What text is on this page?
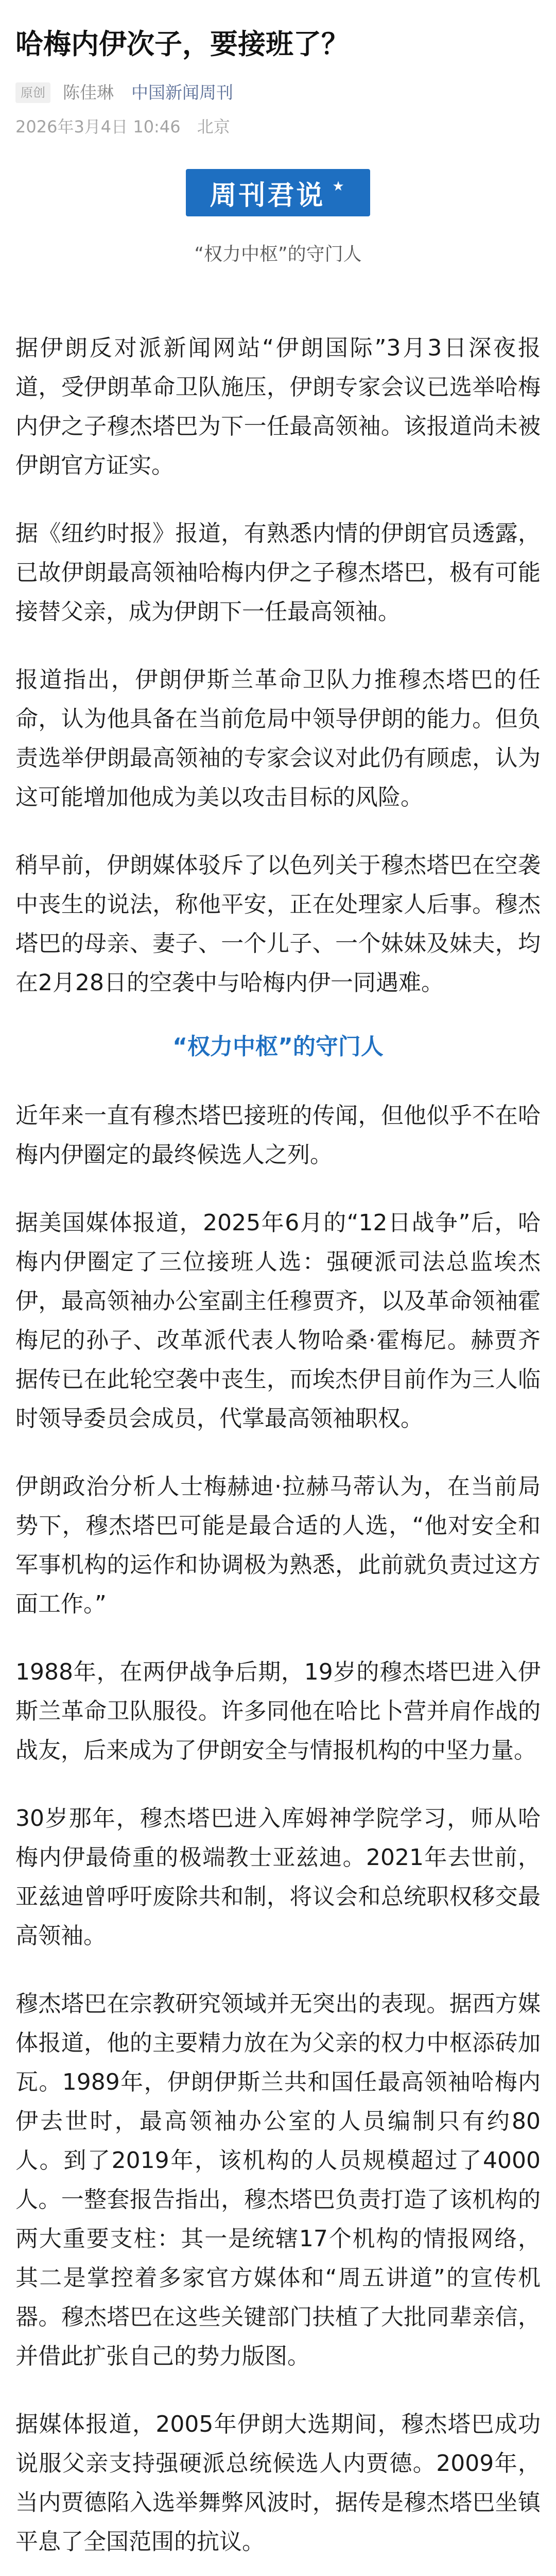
哈梅内伊次子，要接班了？
原创	陈佳琳 中国新闻周刊
2026年3月4日 10:46 北京
周刊君说 ★
“权力中枢”的守门人

据伊朗反对派新闻网站“伊朗国际”3月3日深夜报道，受伊朗革命卫队施压，伊朗专家会议已选举哈梅内伊之子穆杰塔巴为下一任最高领袖。该报道尚未被伊朗官方证实。

据《纽约时报》报道，有熟悉内情的伊朗官员透露，已故伊朗最高领袖哈梅内伊之子穆杰塔巴，极有可能接替父亲，成为伊朗下一任最高领袖。

报道指出，伊朗伊斯兰革命卫队力推穆杰塔巴的任命，认为他具备在当前危局中领导伊朗的能力。但负责选举伊朗最高领袖的专家会议对此仍有顾虑，认为这可能增加他成为美以攻击目标的风险。

稍早前，伊朗媒体驳斥了以色列关于穆杰塔巴在空袭中丧生的说法，称他平安，正在处理家人后事。穆杰塔巴的母亲、妻子、一个儿子、一个妹妹及妹夫，均在2月28日的空袭中与哈梅内伊一同遇难。

“权力中枢”的守门人

近年来一直有穆杰塔巴接班的传闻，但他似乎不在哈梅内伊圈定的最终候选人之列。

据美国媒体报道，2025年6月的“12日战争”后，哈梅内伊圈定了三位接班人选：强硬派司法总监埃杰伊，最高领袖办公室副主任穆贾齐，以及革命领袖霍梅尼的孙子、改革派代表人物哈桑·霍梅尼。赫贾齐据传已在此轮空袭中丧生，而埃杰伊目前作为三人临时领导委员会成员，代掌最高领袖职权。

伊朗政治分析人士梅赫迪·拉赫马蒂认为，在当前局势下，穆杰塔巴可能是最合适的人选，“他对安全和军事机构的运作和协调极为熟悉，此前就负责过这方面工作。”

1988年，在两伊战争后期，19岁的穆杰塔巴进入伊斯兰革命卫队服役。许多同他在哈比卜营并肩作战的战友，后来成为了伊朗安全与情报机构的中坚力量。

30岁那年，穆杰塔巴进入库姆神学院学习，师从哈梅内伊最倚重的极端教士亚兹迪。2021年去世前，亚兹迪曾呼吁废除共和制，将议会和总统职权移交最高领袖。

穆杰塔巴在宗教研究领域并无突出的表现。据西方媒体报道，他的主要精力放在为父亲的权力中枢添砖加瓦。1989年，伊朗伊斯兰共和国任最高领袖哈梅内伊去世时，最高领袖办公室的人员编制只有约80人。到了2019年，该机构的人员规模超过了4000人。一整套报告指出，穆杰塔巴负责打造了该机构的两大重要支柱：其一是统辖17个机构的情报网络，其二是掌控着多家官方媒体和“周五讲道”的宣传机器。穆杰塔巴在这些关键部门扶植了大批同辈亲信，并借此扩张自己的势力版图。

据媒体报道，2005年伊朗大选期间，穆杰塔巴成功说服父亲支持强硬派总统候选人内贾德。2009年，当内贾德陷入选举舞弊风波时，据传是穆杰塔巴坐镇平息了全国范围的抗议。
